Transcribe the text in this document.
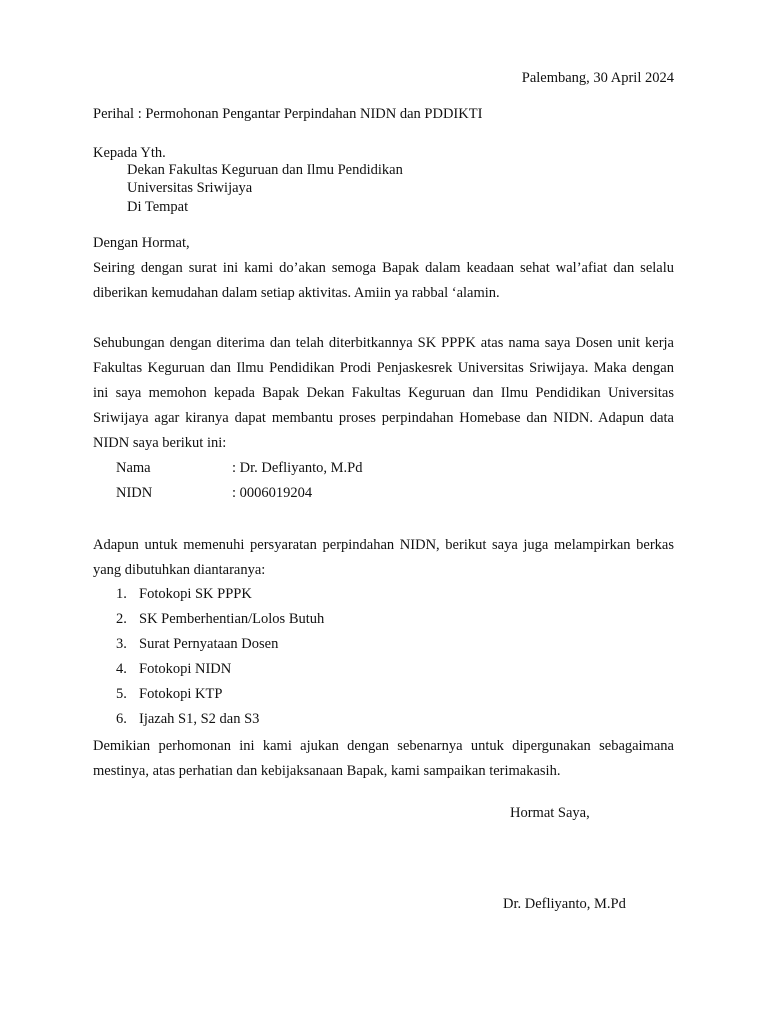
Palembang, 30 April 2024
Perihal : Permohonan Pengantar Perpindahan NIDN dan PDDIKTI
Kepada Yth.
Dekan Fakultas Keguruan dan Ilmu Pendidikan
Universitas Sriwijaya
Di Tempat
Dengan Hormat,

Seiring dengan surat ini kami do’akan semoga Bapak dalam keadaan sehat wal’afiat dan selalu diberikan kemudahan dalam setiap aktivitas. Amiin ya rabbal ‘alamin.

Sehubungan dengan diterima dan telah diterbitkannya SK PPPK atas nama saya Dosen unit kerja Fakultas Keguruan dan Ilmu Pendidikan Prodi Penjaskesrek Universitas Sriwijaya. Maka dengan ini saya memohon kepada Bapak Dekan Fakultas Keguruan dan Ilmu Pendidikan Universitas Sriwijaya agar kiranya dapat membantu proses perpindahan Homebase dan NIDN. Adapun data NIDN saya berikut ini:

Nama	: Dr. Defliyanto, M.Pd
NIDN	: 0006019204

Adapun untuk memenuhi persyaratan perpindahan NIDN, berikut saya juga melampirkan berkas yang dibutuhkan diantaranya:

1. Fotokopi SK PPPK
2. SK Pemberhentian/Lolos Butuh
3. Surat Pernyataan Dosen
4. Fotokopi NIDN
5. Fotokopi KTP
6. Ijazah S1, S2 dan S3

Demikian perhomonan ini kami ajukan dengan sebenarnya untuk dipergunakan sebagaimana mestinya, atas perhatian dan kebijaksanaan Bapak, kami sampaikan terimakasih.

Hormat Saya,
Dr. Defliyanto, M.Pd
